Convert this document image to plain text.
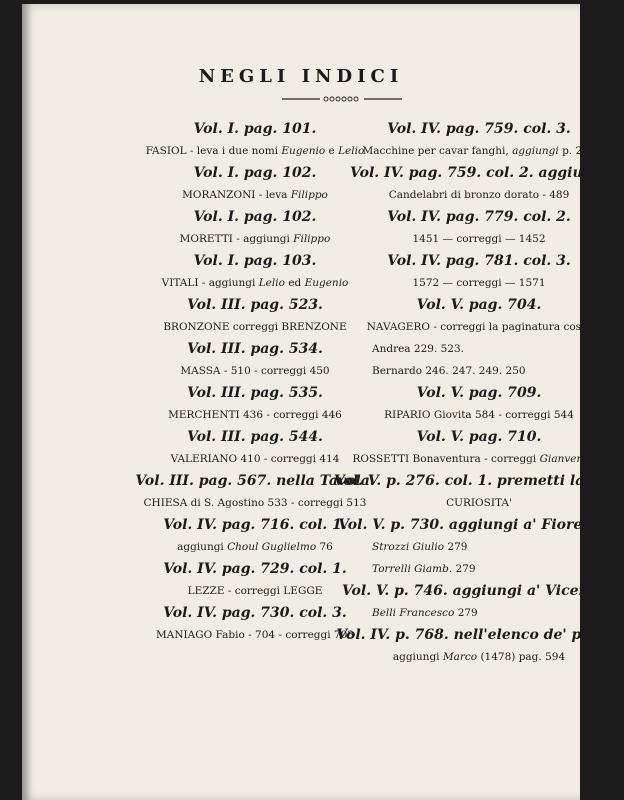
NEGLI INDICI
Vol. I. pag. 101.
FASIOL - leva i due nomi Eugenio e Lelio
Vol. I. pag. 102.
MORANZONI - leva Filippo
Vol. I. pag. 102.
MORETTI - aggiungi Filippo
Vol. I. pag. 103.
VITALI - aggiungi Lelio ed Eugenio
Vol. III. pag. 523.
BRONZONE correggi BRENZONE
Vol. III. pag. 534.
MASSA - 510 - correggi 450
Vol. III. pag. 535.
MERCHENTI 436 - correggi 446
Vol. III. pag. 544.
VALERIANO 410 - correggi 414
Vol. III. pag. 567. nella Tavola.
CHIESA di S. Agostino 533 - correggi 513
Vol. IV. pag. 716. col. 1.
aggiungi Choul Guglielmo 76
Vol. IV. pag. 729. col. 1.
LEZZE - correggi LEGGE
Vol. IV. pag. 730. col. 3.
MANIAGO Fabio - 704 - correggi 703
Vol. IV. pag. 759. col. 3.
Macchine per cavar fanghi, aggiungi p. 204
Vol. IV. pag. 759. col. 2. aggiungi
Candelabri di bronzo dorato - 489
Vol. IV. pag. 779. col. 2.
1451 — correggi — 1452
Vol. IV. pag. 781. col. 3.
1572 — correggi — 1571
Vol. V. pag. 704.
NAVAGERO - correggi la paginatura così :
Andrea 229. 523.
Bernardo 246. 247. 249. 250
Vol. V. pag. 709.
RIPARIO Giovita 584 - correggi 544
Vol. V. pag. 710.
ROSSETTI Bonaventura - correggi Gianventura
Vol. V. p. 276. col. 1. premetti la voce
CURIOSITA'
Vol. V. p. 730. aggiungi a' Fiorentini
Strozzi Giulio 279
Torrelli Giamb. 279
Vol. V. p. 746. aggiungi a' Vicentini
Belli Francesco 279
Vol. IV. p. 768. nell'elenco de' pittori
aggiungi Marco (1478) pag. 594
